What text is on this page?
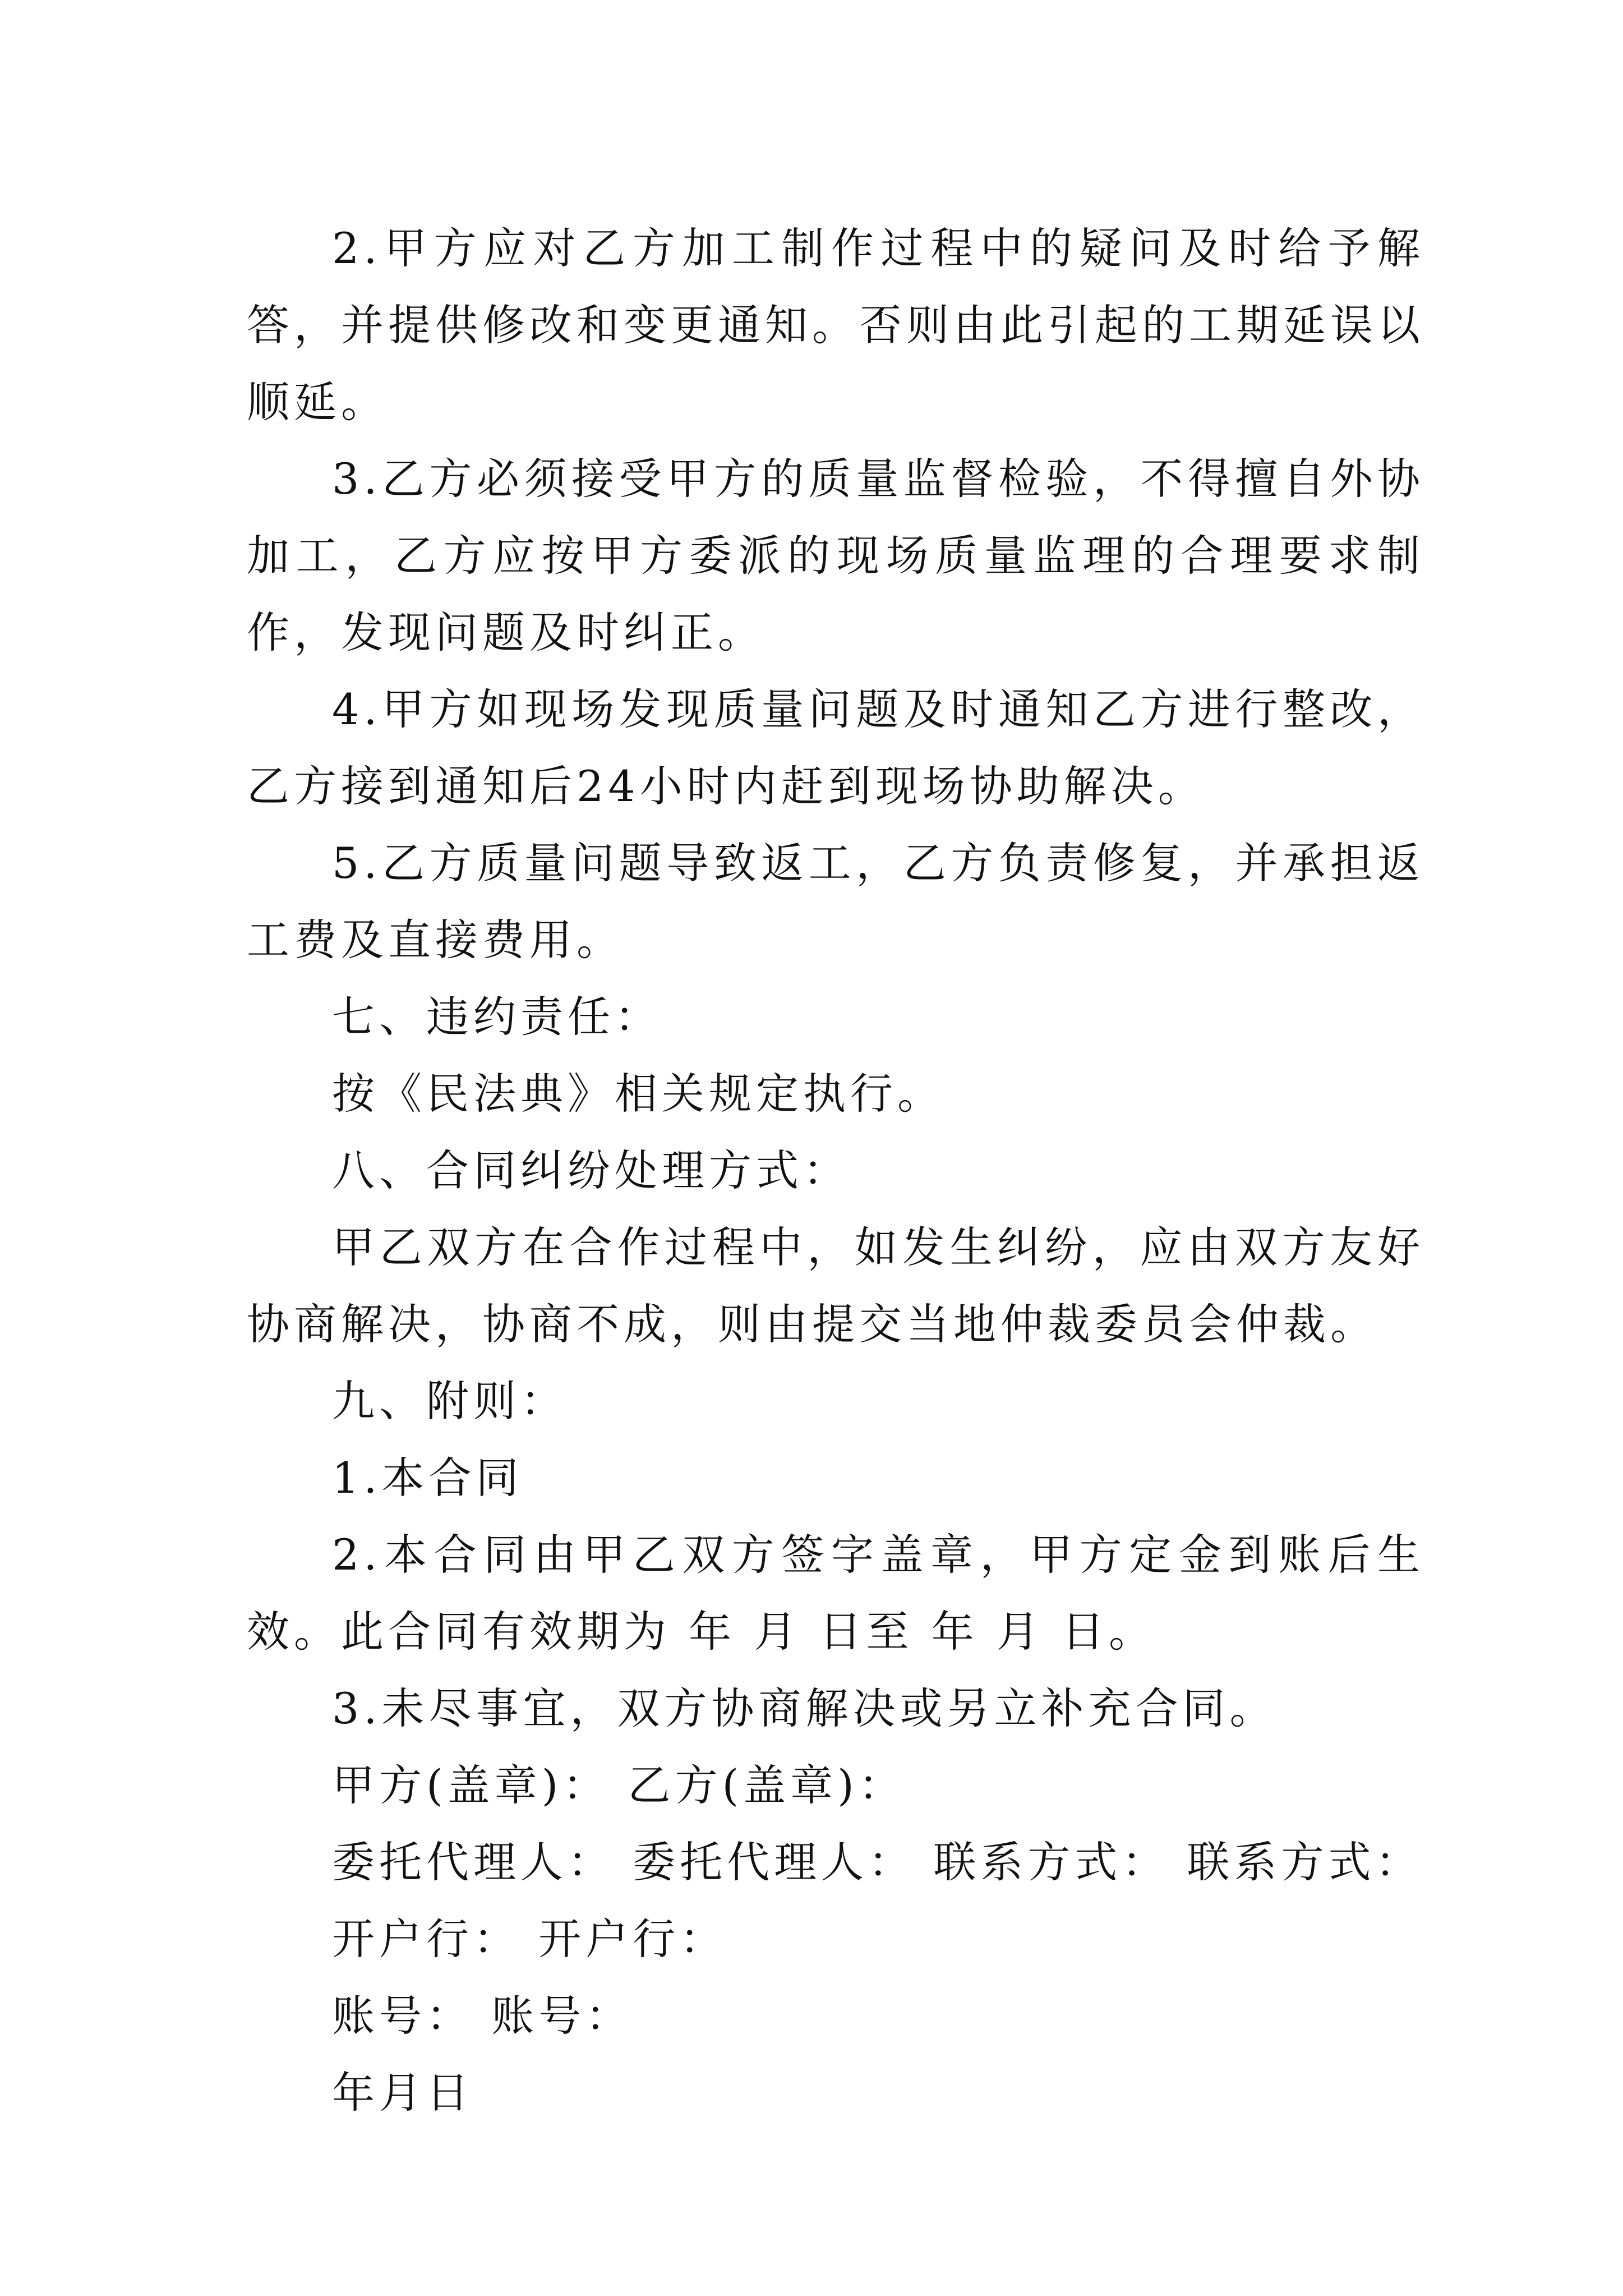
2.甲方应对乙方加工制作过程中的疑问及时给予解答，并提供修改和变更通知。否则由此引起的工期延误以顺延。

3.乙方必须接受甲方的质量监督检验，不得擅自外协加工，乙方应按甲方委派的现场质量监理的合理要求制作，发现问题及时纠正。

4.甲方如现场发现质量问题及时通知乙方进行整改，乙方接到通知后24小时内赶到现场协助解决。

5.乙方质量问题导致返工，乙方负责修复，并承担返工费及直接费用。

七、违约责任：

按《民法典》相关规定执行。

八、合同纠纷处理方式：

甲乙双方在合作过程中，如发生纠纷，应由双方友好协商解决，协商不成，则由提交当地仲裁委员会仲裁。

九、附则：

1.本合同

2.本合同由甲乙双方签字盖章，甲方定金到账后生效。此合同有效期为 年 月 日至 年 月 日。

3.未尽事宜，双方协商解决或另立补充合同。

甲方(盖章)： 乙方(盖章)：

委托代理人： 委托代理人： 联系方式： 联系方式：

开户行： 开户行：

账号： 账号：

年月日
